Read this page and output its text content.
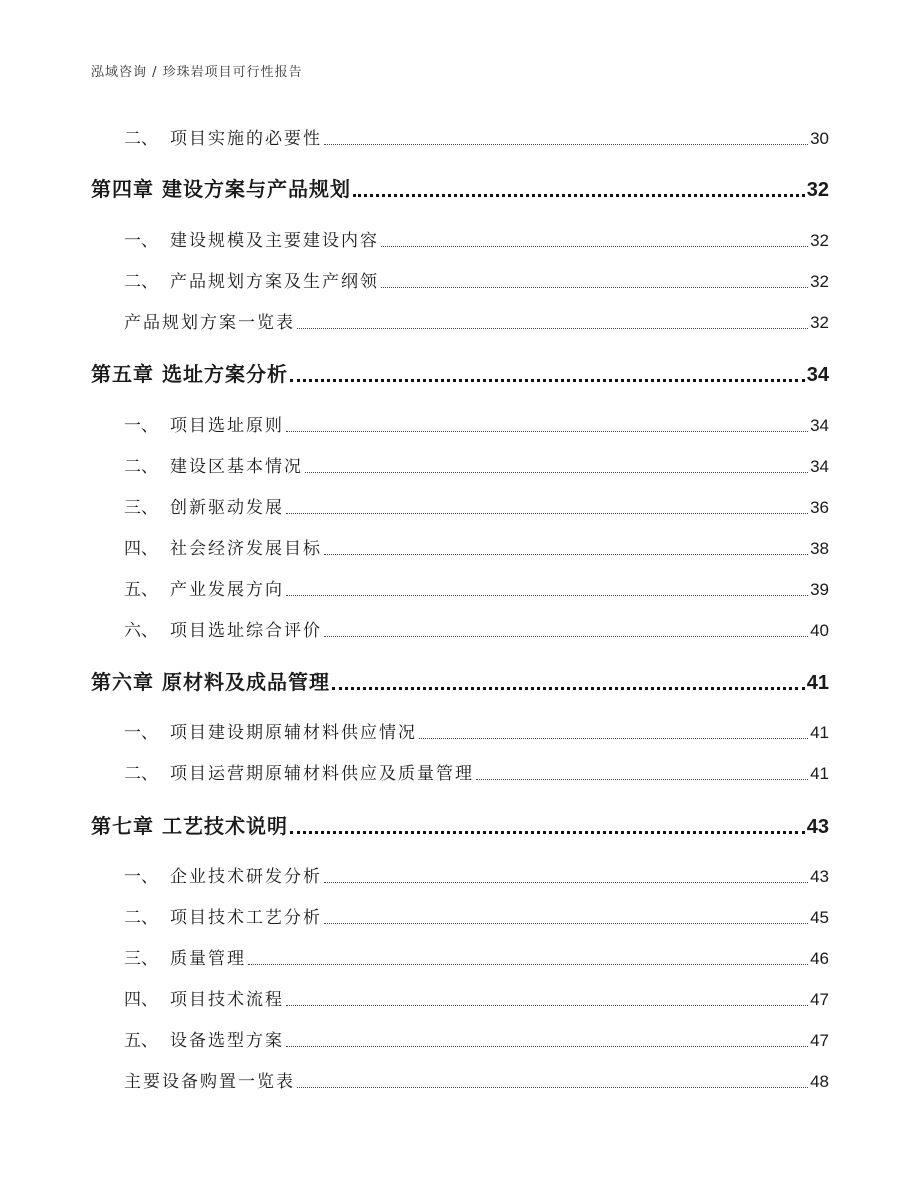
泓域咨询 / 珍珠岩项目可行性报告
二、 项目实施的必要性	30
第四章 建设方案与产品规划	32
一、 建设规模及主要建设内容	32
二、 产品规划方案及生产纲领	32
产品规划方案一览表	32
第五章 选址方案分析	34
一、 项目选址原则	34
二、 建设区基本情况	34
三、 创新驱动发展	36
四、 社会经济发展目标	38
五、 产业发展方向	39
六、 项目选址综合评价	40
第六章 原材料及成品管理	41
一、 项目建设期原辅材料供应情况	41
二、 项目运营期原辅材料供应及质量管理	41
第七章 工艺技术说明	43
一、 企业技术研发分析	43
二、 项目技术工艺分析	45
三、 质量管理	46
四、 项目技术流程	47
五、 设备选型方案	47
主要设备购置一览表	48
